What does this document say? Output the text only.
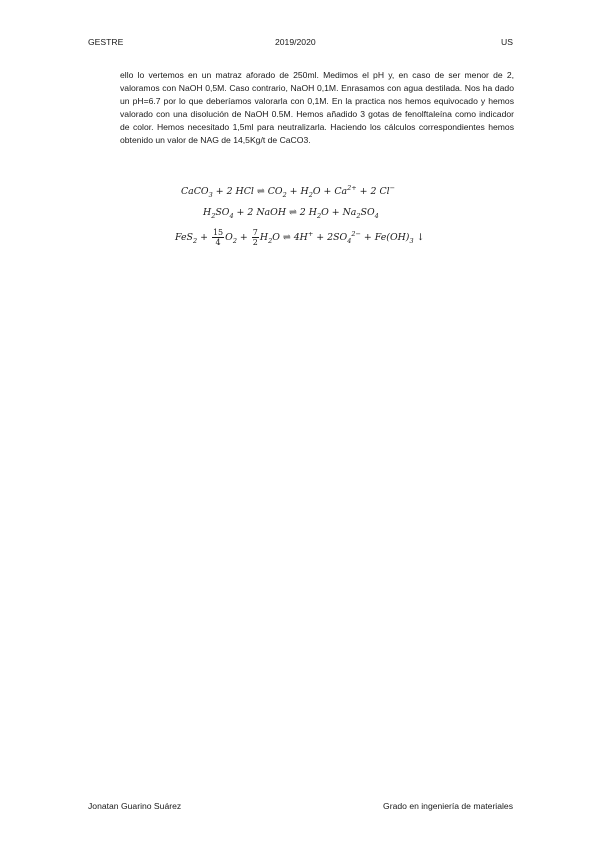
GESTRE	2019/2020	US
ello lo vertemos en un matraz aforado de 250ml. Medimos el pH y, en caso de ser menor de 2, valoramos con NaOH 0,5M. Caso contrario, NaOH 0,1M. Enrasamos con agua destilada. Nos ha dado un pH=6.7 por lo que deberíamos valorarla con 0,1M. En la practica nos hemos equivocado y hemos valorado con una disolución de NaOH 0.5M. Hemos añadido 3 gotas de fenolftaleína como indicador de color. Hemos necesitado 1,5ml para neutralizarla. Haciendo los cálculos correspondientes hemos obtenido un valor de NAG de 14,5Kg/t de CaCO3.
CaCO$_3$ + 2 HCl ⇌ $CO_2 + H_2O + Ca^{2+} + 2$ Cl−
$H_2SO_4 + 2$ NaOH ⇌ 2 $H_2O + Na_2SO_4$
$FeS_2 + \frac{15}{4} O_2 + \frac{7}{2} H_2O$ ⇌ $4H^+ + 2SO_4^{2-} + Fe(OH)_3$ ↓
Jonatan Guarino Suárez	Grado en ingeniería de materiales
